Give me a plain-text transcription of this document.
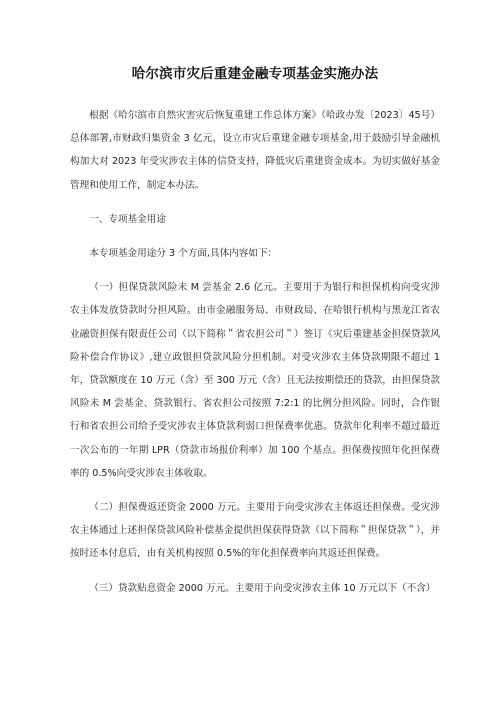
哈尔滨市灾后重建金融专项基金实施办法

根据《哈尔滨市自然灾害灾后恢复重建工作总体方案》（哈政办发〔2023〕45号）总体部署,市财政归集资金 3 亿元，设立市灾后重建金融专项基金,用于鼓励引导金融机构加大对 2023 年受灾涉农主体的信贷支持，降低灾后重建资金成本。为切实做好基金管理和使用工作，制定本办法。

一、专项基金用途

本专项基金用途分 3 个方面,具体内容如下：

（一）担保贷款风险未 M 尝基金 2.6 亿元。主要用于为银行和担保机构向受灾涉农主体发放贷款时分担风险。由市金融服务局、市财政局、在哈银行机构与黑龙江省农业融资担保有限责任公司（以下简称＂省农担公司＂）签订《灾后重建基金担保贷款风险补偿合作协议》,建立政银担贷款风险分担机制。对受灾涉农主体贷款期限不超过 1 年，贷款额度在 10 万元（含）至 300 万元（含）且无法按期偿还的贷款，由担保贷款风险未 M 尝基金、贷款银行、省农担公司按照 7:2:1 的比例分担风险。同时，合作银行和省农担公司给予受灾涉农主体贷款利弱口担保费率优惠。贷款年化利率不超过最近一次公布的一年期 LPR（贷款市场报价利率）加 100 个基点。担保费按照年化担保费率的 0.5%向受灾涉农主体收取。

（二）担保费返还资金 2000 万元。主要用于向受灾涉农主体返还担保费。受灾涉农主体通过上述担保贷款风险补偿基金提供担保获得贷款（以下简称＂担保贷款＂），并按时还本付息后，由有关机构按照 0.5%的年化担保费率向其返还担保费。

（三）贷款贴息资金 2000 万元。主要用于向受灾涉农主体 10 万元以下（不含）
